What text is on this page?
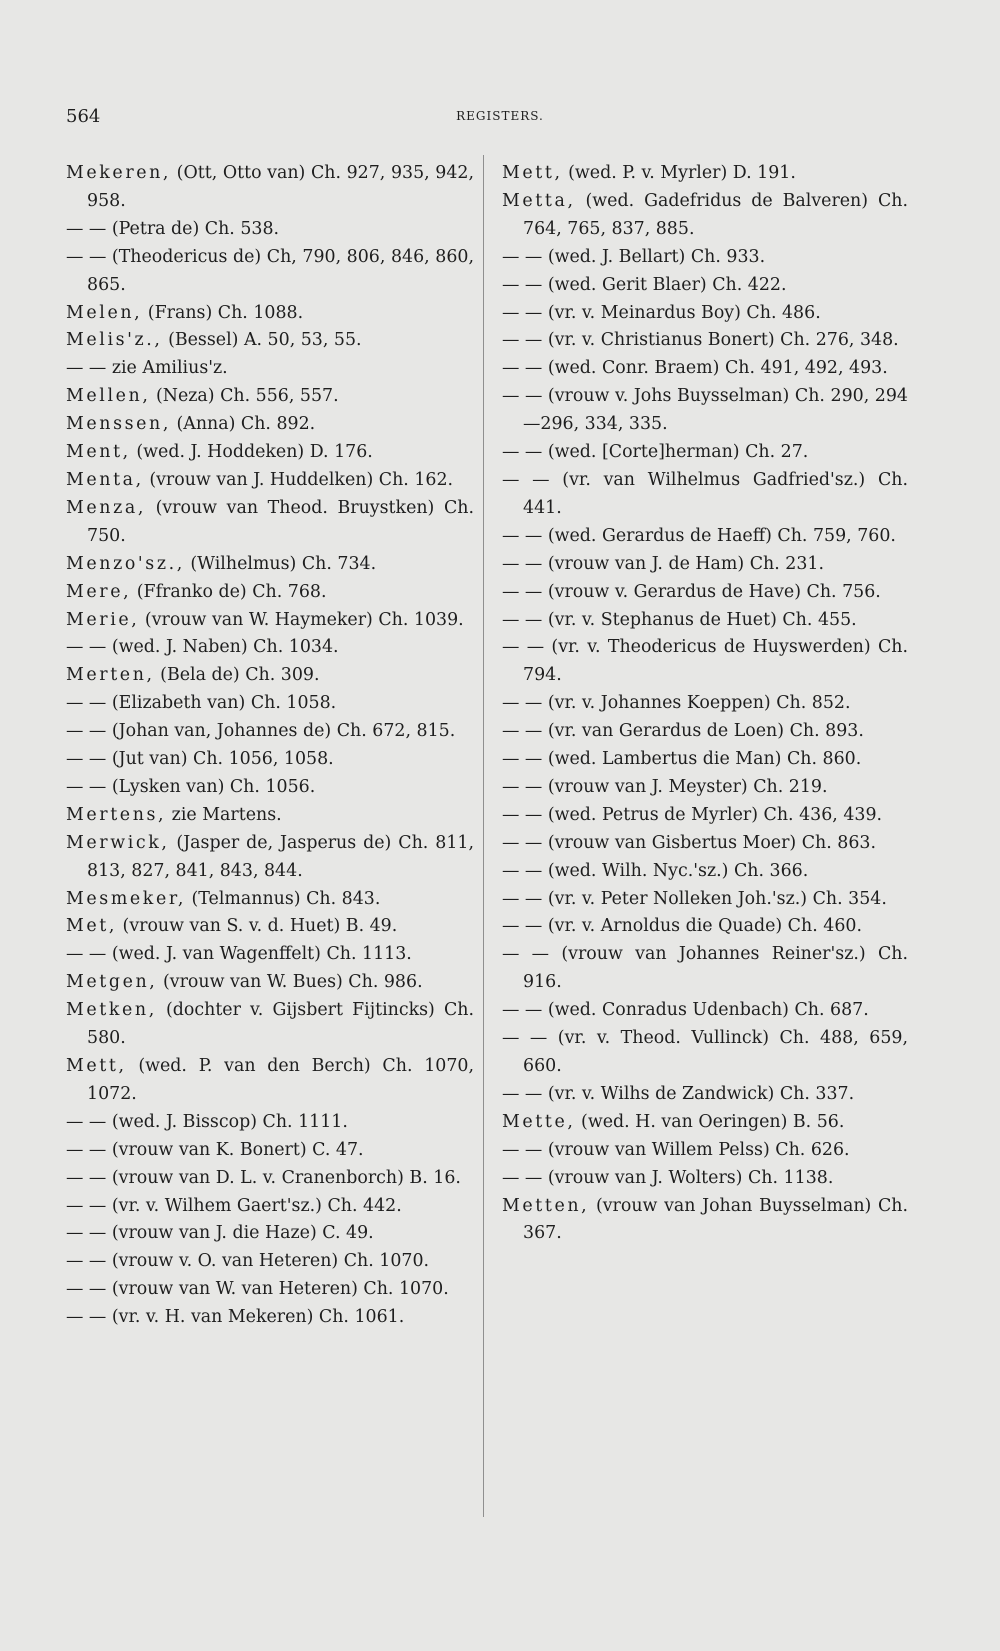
564	REGISTERS.
Mekeren, (Ott, Otto van) Ch. 927, 935, 942, 958.
— — (Petra de) Ch. 538.
— — (Theodericus de) Ch, 790, 806, 846, 860, 865.
Melen, (Frans) Ch. 1088.
Melis'z., (Bessel) A. 50, 53, 55.
— — zie Amilius'z.
Mellen, (Neza) Ch. 556, 557.
Menssen, (Anna) Ch. 892.
Ment, (wed. J. Hoddeken) D. 176.
Menta, (vrouw van J. Huddelken) Ch. 162.
Menza, (vrouw van Theod. Bruystken) Ch. 750.
Menzo'sz., (Wilhelmus) Ch. 734.
Mere, (Ffranko de) Ch. 768.
Merie, (vrouw van W. Haymeker) Ch. 1039.
— — (wed. J. Naben) Ch. 1034.
Merten, (Bela de) Ch. 309.
— — (Elizabeth van) Ch. 1058.
— — (Johan van, Johannes de) Ch. 672, 815.
— — (Jut van) Ch. 1056, 1058.
— — (Lysken van) Ch. 1056.
Mertens, zie Martens.
Merwick, (Jasper de, Jasperus de) Ch. 811, 813, 827, 841, 843, 844.
Mesmeker, (Telmannus) Ch. 843.
Met, (vrouw van S. v. d. Huet) B. 49.
— — (wed. J. van Wagenffelt) Ch. 1113.
Metgen, (vrouw van W. Bues) Ch. 986.
Metken, (dochter v. Gijsbert Fijtincks) Ch. 580.
Mett, (wed. P. van den Berch) Ch. 1070, 1072.
— — (wed. J. Bisscop) Ch. 1111.
— — (vrouw van K. Bonert) C. 47.
— — (vrouw van D. L. v. Cranenborch) B. 16.
— — (vr. v. Wilhem Gaert'sz.) Ch. 442.
— — (vrouw van J. die Haze) C. 49.
— — (vrouw v. O. van Heteren) Ch. 1070.
— — (vrouw van W. van Heteren) Ch. 1070.
— — (vr. v. H. van Mekeren) Ch. 1061.
Mett, (wed. P. v. Myrler) D. 191.
Metta, (wed. Gadefridus de Balveren) Ch. 764, 765, 837, 885.
— — (wed. J. Bellart) Ch. 933.
— — (wed. Gerit Blaer) Ch. 422.
— — (vr. v. Meinardus Boy) Ch. 486.
— — (vr. v. Christianus Bonert) Ch. 276, 348.
— — (wed. Conr. Braem) Ch. 491, 492, 493.
— — (vrouw v. Johs Buysselman) Ch. 290, 294—296, 334, 335.
— — (wed. [Corte]herman) Ch. 27.
— — (vr. van Wilhelmus Gadfried'sz.) Ch. 441.
— — (wed. Gerardus de Haeff) Ch. 759, 760.
— — (vrouw van J. de Ham) Ch. 231.
— — (vrouw v. Gerardus de Have) Ch. 756.
— — (vr. v. Stephanus de Huet) Ch. 455.
— — (vr. v. Theodericus de Huyswerden) Ch. 794.
— — (vr. v. Johannes Koeppen) Ch. 852.
— — (vr. van Gerardus de Loen) Ch. 893.
— — (wed. Lambertus die Man) Ch. 860.
— — (vrouw van J. Meyster) Ch. 219.
— — (wed. Petrus de Myrler) Ch. 436, 439.
— — (vrouw van Gisbertus Moer) Ch. 863.
— — (wed. Wilh. Nyc.'sz.) Ch. 366.
— — (vr. v. Peter Nolleken Joh.'sz.) Ch. 354.
— — (vr. v. Arnoldus die Quade) Ch. 460.
— — (vrouw van Johannes Reiner'sz.) Ch. 916.
— — (wed. Conradus Udenbach) Ch. 687.
— — (vr. v. Theod. Vullinck) Ch. 488, 659, 660.
— — (vr. v. Wilhs de Zandwick) Ch. 337.
Mette, (wed. H. van Oeringen) B. 56.
— — (vrouw van Willem Pelss) Ch. 626.
— — (vrouw van J. Wolters) Ch. 1138.
Metten, (vrouw van Johan Buysselman) Ch. 367.
